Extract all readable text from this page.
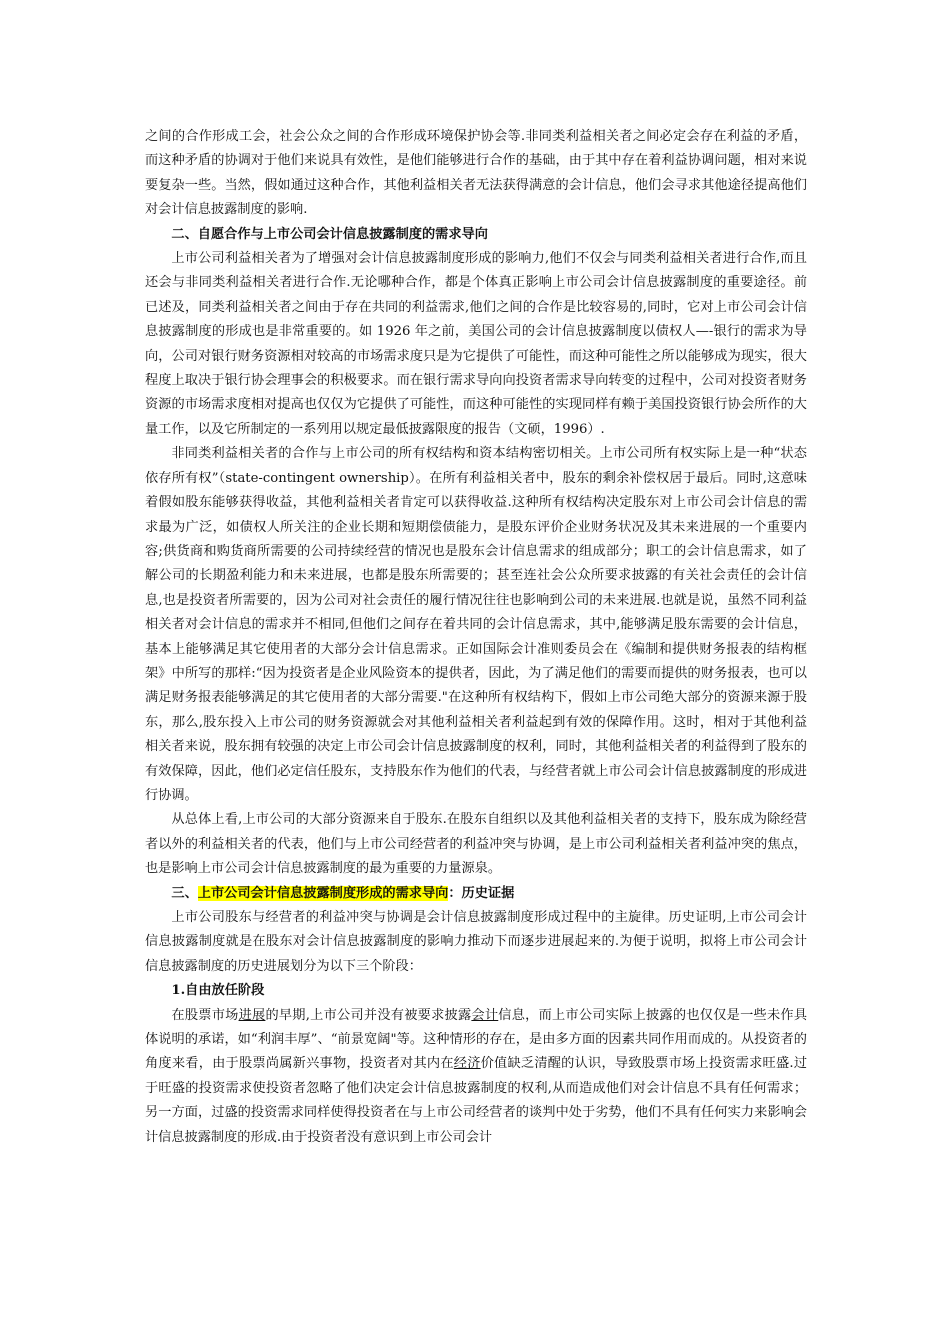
之间的合作形成工会，社会公众之间的合作形成环境保护协会等.非同类利益相关者之间必定会存在利益的矛盾，而这种矛盾的协调对于他们来说具有效性，是他们能够进行合作的基础，由于其中存在着利益协调问题，相对来说要复杂一些。当然，假如通过这种合作，其他利益相关者无法获得满意的会计信息，他们会寻求其他途径提高他们对会计信息披露制度的影响.

二、自愿合作与上市公司会计信息披露制度的需求导向

上市公司利益相关者为了增强对会计信息披露制度形成的影响力,他们不仅会与同类利益相关者进行合作,而且还会与非同类利益相关者进行合作.无论哪种合作，都是个体真正影响上市公司会计信息披露制度的重要途径。前已述及，同类利益相关者之间由于存在共同的利益需求,他们之间的合作是比较容易的,同时，它对上市公司会计信息披露制度的形成也是非常重要的。如 1926 年之前，美国公司的会计信息披露制度以债权人—-银行的需求为导向，公司对银行财务资源相对较高的市场需求度只是为它提供了可能性，而这种可能性之所以能够成为现实，很大程度上取决于银行协会理事会的积极要求。而在银行需求导向向投资者需求导向转变的过程中，公司对投资者财务资源的市场需求度相对提高也仅仅为它提供了可能性，而这种可能性的实现同样有赖于美国投资银行协会所作的大量工作，以及它所制定的一系列用以规定最低披露限度的报告（文硕，1996）.

非同类利益相关者的合作与上市公司的所有权结构和资本结构密切相关。上市公司所有权实际上是一种“状态依存所有权”（state-contingent ownership）。在所有利益相关者中，股东的剩余补偿权居于最后。同时,这意味着假如股东能够获得收益，其他利益相关者肯定可以获得收益.这种所有权结构决定股东对上市公司会计信息的需求最为广泛，如债权人所关注的企业长期和短期偿债能力，是股东评价企业财务状况及其未来进展的一个重要内容;供货商和购货商所需要的公司持续经营的情况也是股东会计信息需求的组成部分；职工的会计信息需求，如了解公司的长期盈利能力和未来进展，也都是股东所需要的；甚至连社会公众所要求披露的有关社会责任的会计信息,也是投资者所需要的，因为公司对社会责任的履行情况往往也影响到公司的未来进展.也就是说，虽然不同利益相关者对会计信息的需求并不相同,但他们之间存在着共同的会计信息需求，其中,能够满足股东需要的会计信息，基本上能够满足其它使用者的大部分会计信息需求。正如国际会计准则委员会在《编制和提供财务报表的结构框架》中所写的那样:“因为投资者是企业风险资本的提供者，因此，为了满足他们的需要而提供的财务报表，也可以满足财务报表能够满足的其它使用者的大部分需要."在这种所有权结构下，假如上市公司绝大部分的资源来源于股东，那么,股东投入上市公司的财务资源就会对其他利益相关者利益起到有效的保障作用。这时，相对于其他利益相关者来说，股东拥有较强的决定上市公司会计信息披露制度的权利，同时，其他利益相关者的利益得到了股东的有效保障，因此，他们必定信任股东，支持股东作为他们的代表，与经营者就上市公司会计信息披露制度的形成进行协调。

从总体上看,上市公司的大部分资源来自于股东.在股东自组织以及其他利益相关者的支持下，股东成为除经营者以外的利益相关者的代表，他们与上市公司经营者的利益冲突与协调，是上市公司利益相关者利益冲突的焦点，也是影响上市公司会计信息披露制度的最为重要的力量源泉。

三、上市公司会计信息披露制度形成的需求导向：历史证据

上市公司股东与经营者的利益冲突与协调是会计信息披露制度形成过程中的主旋律。历史证明,上市公司会计信息披露制度就是在股东对会计信息披露制度的影响力推动下而逐步进展起来的.为便于说明，拟将上市公司会计信息披露制度的历史进展划分为以下三个阶段：

1.自由放任阶段

在股票市场进展的早期,上市公司并没有被要求披露会计信息，而上市公司实际上披露的也仅仅是一些未作具体说明的承诺，如“利润丰厚”、“前景宽阔"等。这种情形的存在，是由多方面的因素共同作用而成的。从投资者的角度来看，由于股票尚属新兴事物，投资者对其内在经济价值缺乏清醒的认识，导致股票市场上投资需求旺盛.过于旺盛的投资需求使投资者忽略了他们决定会计信息披露制度的权利,从而造成他们对会计信息不具有任何需求；另一方面，过盛的投资需求同样使得投资者在与上市公司经营者的谈判中处于劣势，他们不具有任何实力来影响会计信息披露制度的形成.由于投资者没有意识到上市公司会计
